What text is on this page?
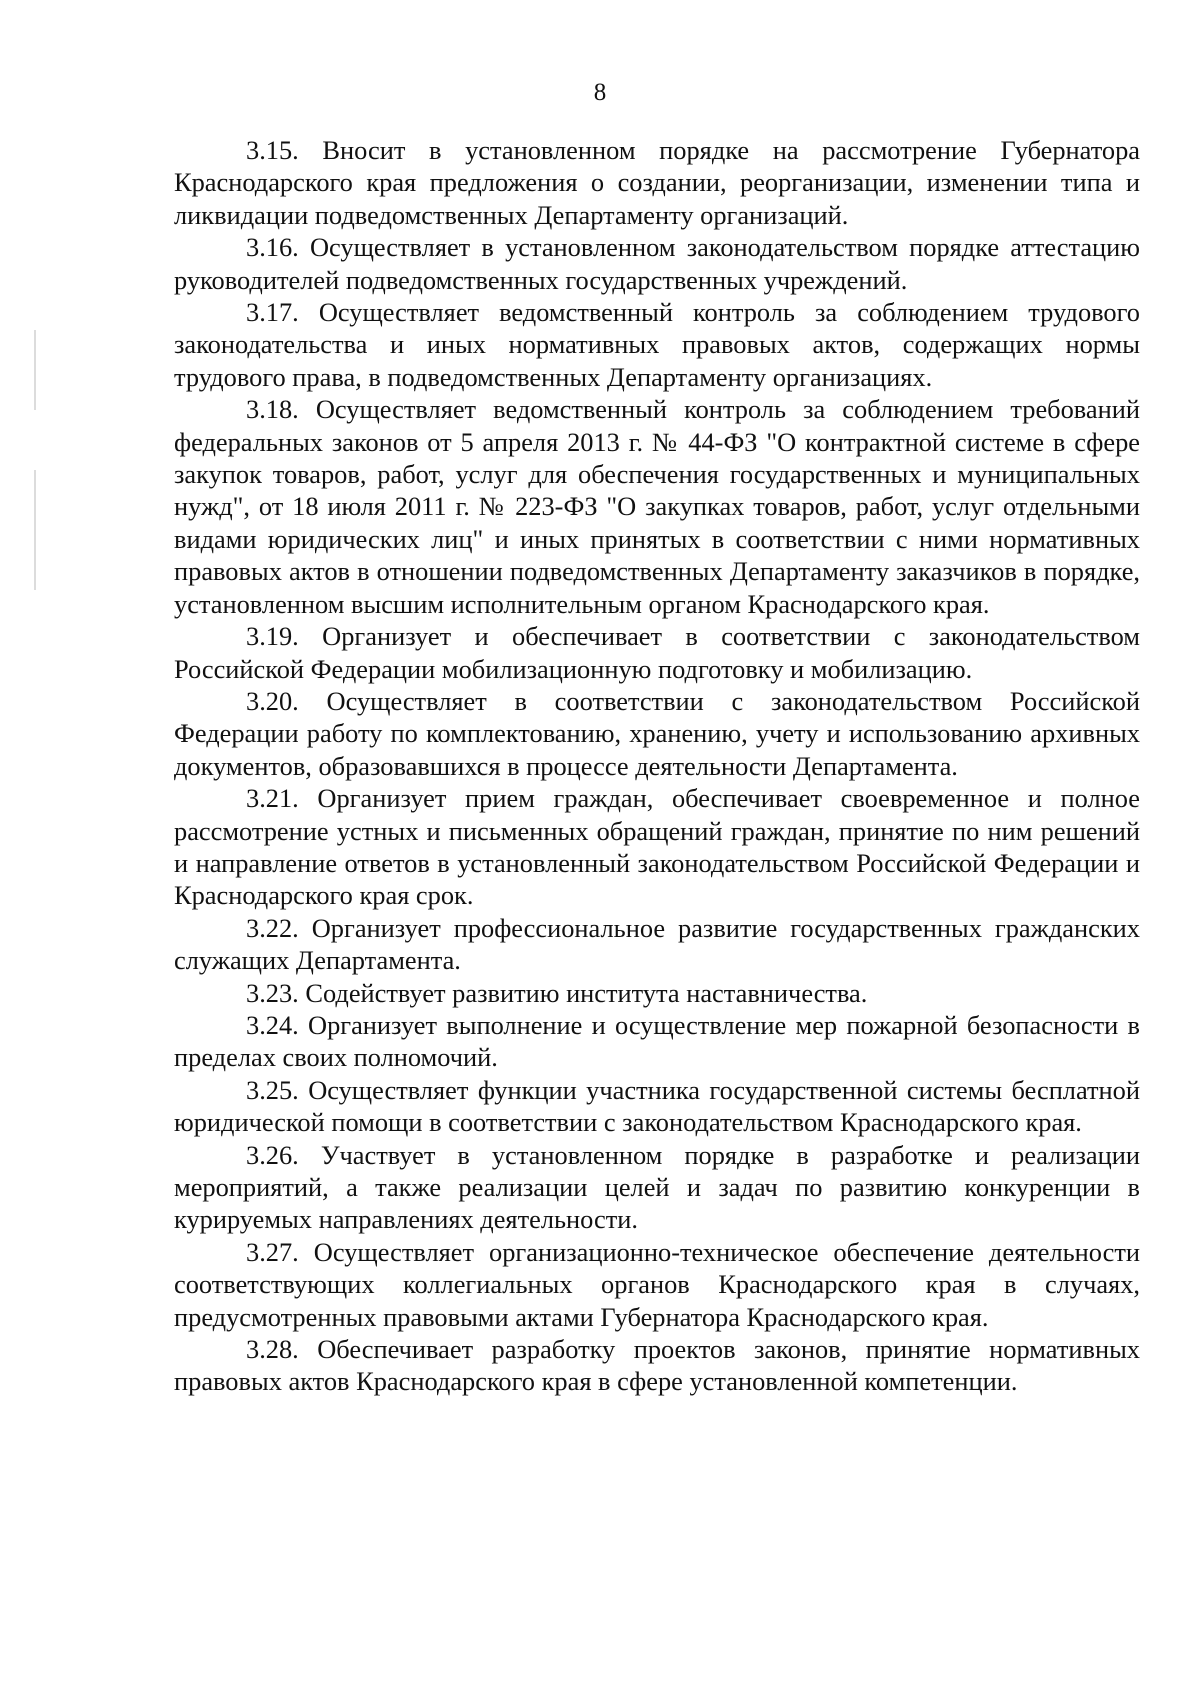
8

3.15. Вносит в установленном порядке на рассмотрение Губернатора Краснодарского края предложения о создании, реорганизации, изменении типа и ликвидации подведомственных Департаменту организаций.

3.16. Осуществляет в установленном законодательством порядке аттестацию руководителей подведомственных государственных учреждений.

3.17. Осуществляет ведомственный контроль за соблюдением трудового законодательства и иных нормативных правовых актов, содержащих нормы трудового права, в подведомственных Департаменту организациях.

3.18. Осуществляет ведомственный контроль за соблюдением требований федеральных законов от 5 апреля 2013 г. № 44-ФЗ "О контрактной системе в сфере закупок товаров, работ, услуг для обеспечения государственных и муниципальных нужд", от 18 июля 2011 г. № 223-ФЗ "О закупках товаров, работ, услуг отдельными видами юридических лиц" и иных принятых в соответствии с ними нормативных правовых актов в отношении подведомственных Департаменту заказчиков в порядке, установленном высшим исполнительным органом Краснодарского края.

3.19. Организует и обеспечивает в соответствии с законодательством Российской Федерации мобилизационную подготовку и мобилизацию.

3.20. Осуществляет в соответствии с законодательством Российской Федерации работу по комплектованию, хранению, учету и использованию архивных документов, образовавшихся в процессе деятельности Департамента.

3.21. Организует прием граждан, обеспечивает своевременное и полное рассмотрение устных и письменных обращений граждан, принятие по ним решений и направление ответов в установленный законодательством Российской Федерации и Краснодарского края срок.

3.22. Организует профессиональное развитие государственных гражданских служащих Департамента.

3.23. Содействует развитию института наставничества.

3.24. Организует выполнение и осуществление мер пожарной безопасности в пределах своих полномочий.

3.25. Осуществляет функции участника государственной системы бесплатной юридической помощи в соответствии с законодательством Краснодарского края.

3.26. Участвует в установленном порядке в разработке и реализации мероприятий, а также реализации целей и задач по развитию конкуренции в курируемых направлениях деятельности.

3.27. Осуществляет организационно-техническое обеспечение деятельности соответствующих коллегиальных органов Краснодарского края в случаях, предусмотренных правовыми актами Губернатора Краснодарского края.

3.28. Обеспечивает разработку проектов законов, принятие нормативных правовых актов Краснодарского края в сфере установленной компетенции.
